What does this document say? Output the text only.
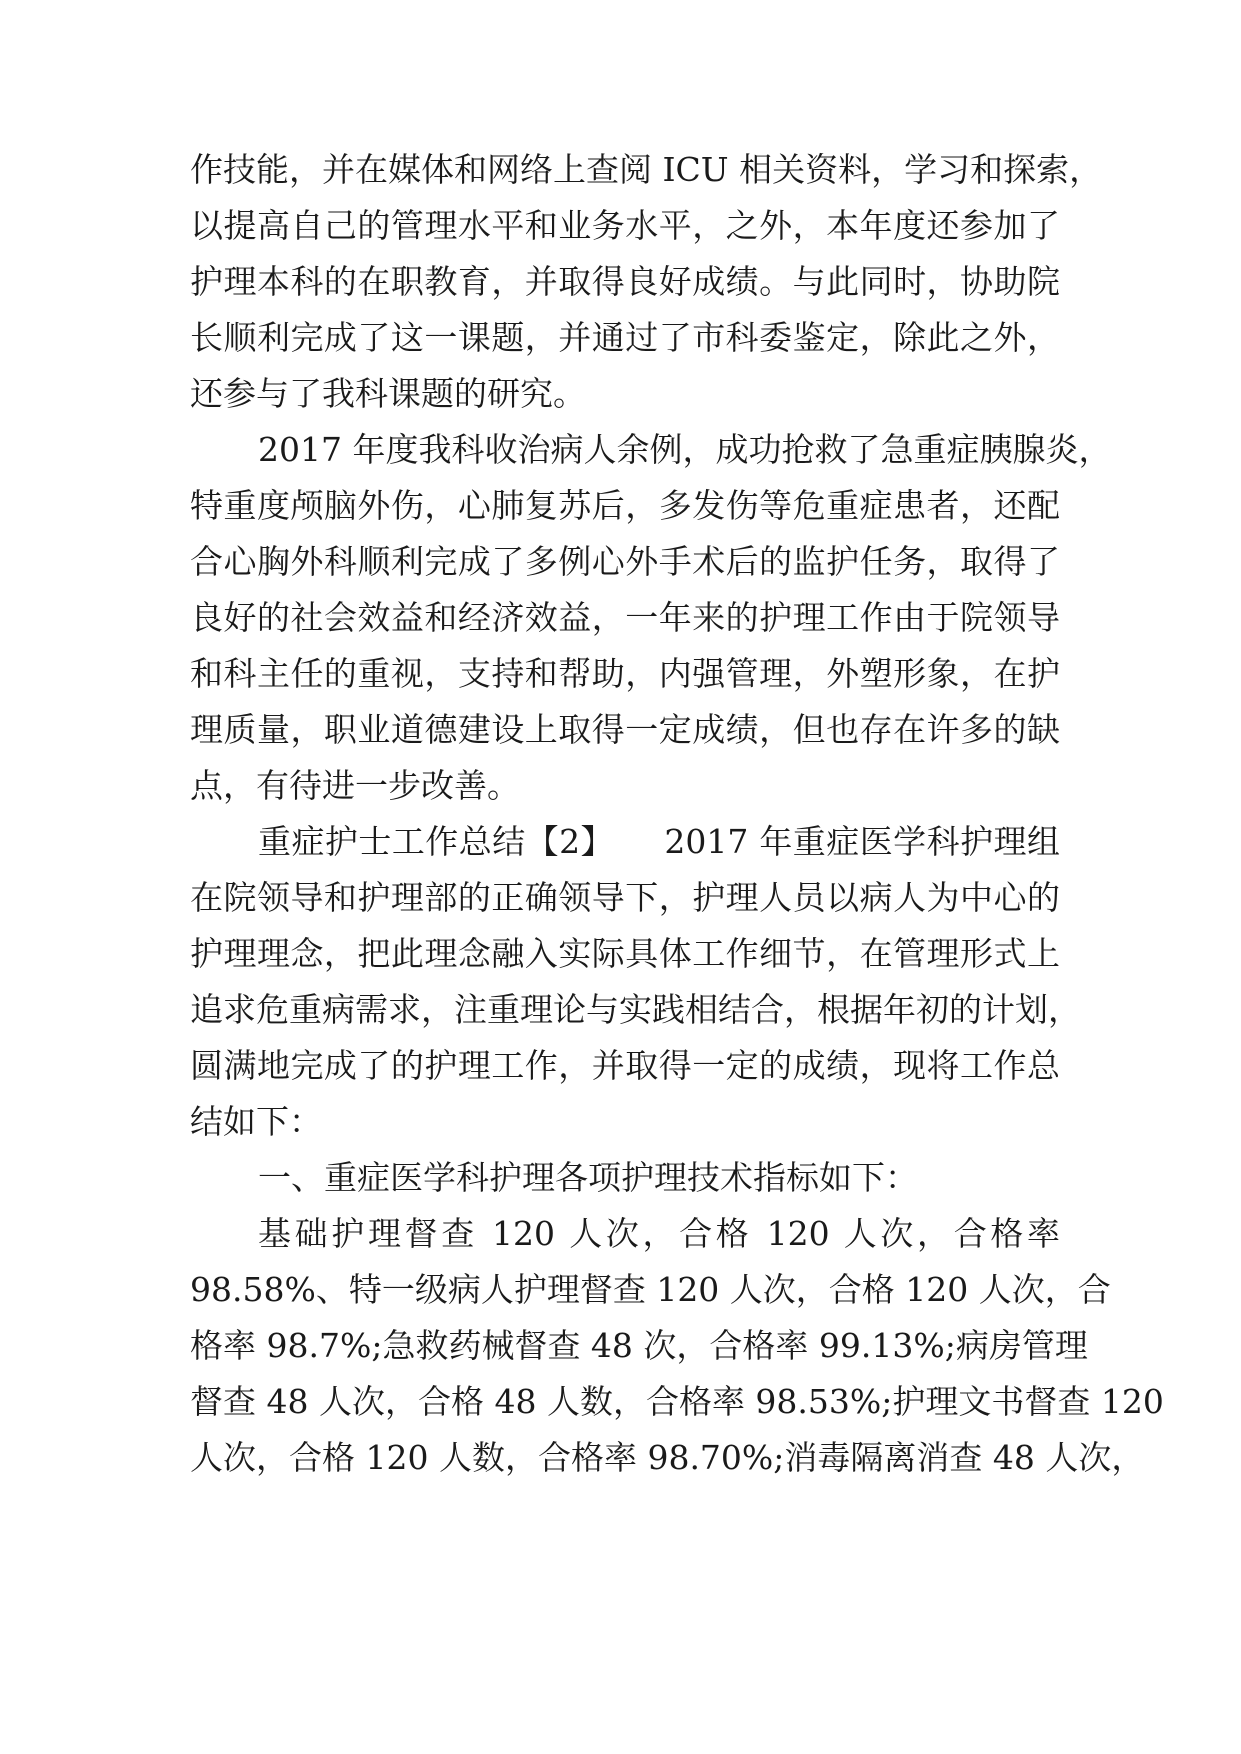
作技能，并在媒体和网络上查阅 ICU 相关资料，学习和探索，
以提高自己的管理水平和业务水平，之外，本年度还参加了
护理本科的在职教育，并取得良好成绩。与此同时，协助院
长顺利完成了这一课题，并通过了市科委鉴定，除此之外，
还参与了我科课题的研究。
2017 年度我科收治病人余例，成功抢救了急重症胰腺炎，
特重度颅脑外伤，心肺复苏后，多发伤等危重症患者，还配
合心胸外科顺利完成了多例心外手术后的监护任务，取得了
良好的社会效益和经济效益，一年来的护理工作由于院领导
和科主任的重视，支持和帮助，内强管理，外塑形象，在护
理质量，职业道德建设上取得一定成绩，但也存在许多的缺
点，有待进一步改善。
重症护士工作总结【2】　　2017 年重症医学科护理组
在院领导和护理部的正确领导下，护理人员以病人为中心的
护理理念，把此理念融入实际具体工作细节，在管理形式上
追求危重病需求，注重理论与实践相结合，根据年初的计划，
圆满地完成了的护理工作，并取得一定的成绩，现将工作总
结如下：
一、重症医学科护理各项护理技术指标如下：
基础护理督查 120 人次，合格 120 人次，合格率
98.58%、特一级病人护理督查 120 人次，合格 120 人次，合
格率 98.7%;急救药械督查 48 次，合格率 99.13%;病房管理
督查 48 人次，合格 48 人数，合格率 98.53%;护理文书督查 120
人次，合格 120 人数，合格率 98.70%;消毒隔离消查 48 人次，
